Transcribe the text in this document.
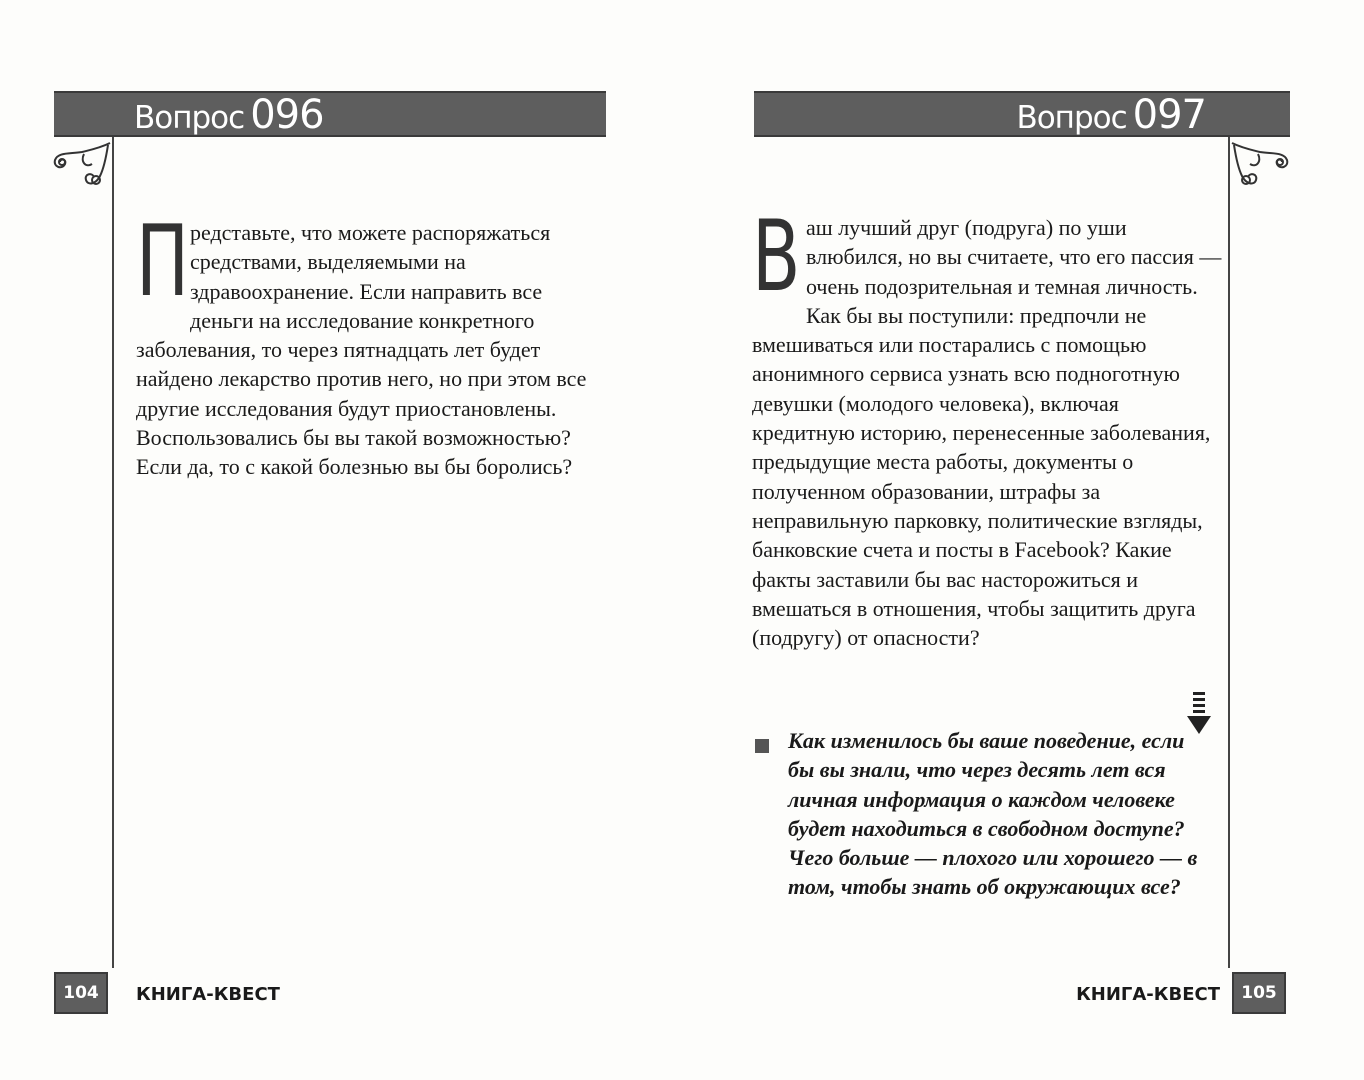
Вопрос 096

Представьте, что можете распоряжаться средствами, выделяемыми на здравоохранение. Если направить все деньги на исследование конкретного заболевания, то через пятнадцать лет будет найдено лекарство против него, но при этом все другие исследования будут приостановлены. Воспользовались бы вы такой возможностью? Если да, то с какой болезнью вы бы боролись?

104	КНИГА-КВЕСТ
Вопрос 097

Ваш лучший друг (подруга) по уши влюбился, но вы считаете, что его пассия — очень подозрительная и темная личность. Как бы вы поступили: предпочли не вмешиваться или постарались с помощью анонимного сервиса узнать всю подноготную девушки (молодого человека), включая кредитную историю, перенесенные заболевания, предыдущие места работы, документы о полученном образовании, штрафы за неправильную парковку, политические взгляды, банковские счета и посты в Facebook? Какие факты заставили бы вас насторожиться и вмешаться в отношения, чтобы защитить друга (подругу) от опасности?

Как изменилось бы ваше поведение, если бы вы знали, что через десять лет вся личная информация о каждом человеке будет находиться в свободном доступе? Чего больше — плохого или хорошего — в том, чтобы знать об окружающих все?

КНИГА-КВЕСТ	105
